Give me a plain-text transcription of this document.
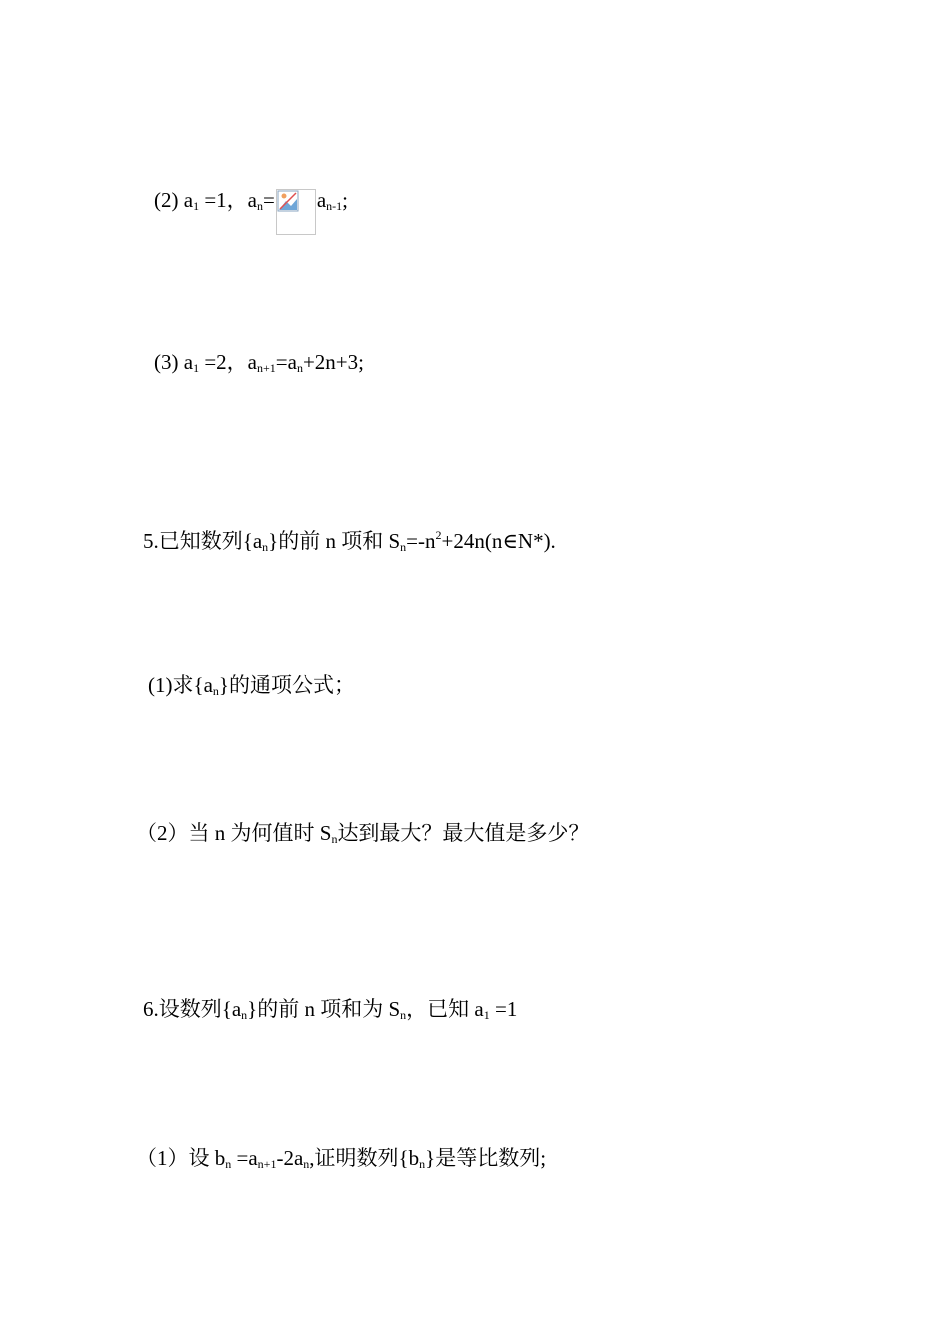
(2) $a_1 =1$，$a_n= a_{n-1}$;
(3) $a_1 =2$，$a_{n+1}=a_n+2n+3$;
5.已知数列$\{a_n\}$的前 n 项和 $S_n=-n^2+24n(n\in N*)$.
(1)求$\{a_n\}$的通项公式；
（2）当 n 为何值时 $S_n$达到最大？最大值是多少？
6.设数列$\{a_n\}$的前 n 项和为 $S_n$，已知 $a_1 =1$
（1）设 $b_n =a_{n+1}-2a_n$,证明数列$\{b_n\}$是等比数列;
